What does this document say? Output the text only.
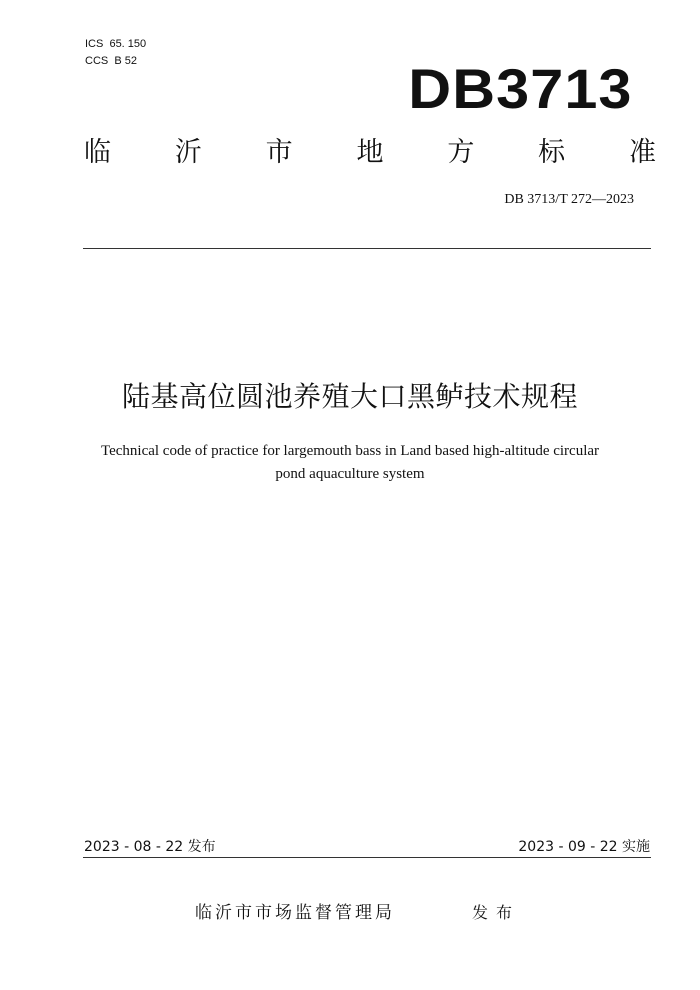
ICS  65. 150
CCS  B 52	DB3713
临 沂 市 地 方 标 准
DB 3713/T 272—2023
陆基高位圆池养殖大口黑鲈技术规程
Technical code of practice for largemouth bass in Land based high-altitude circular
pond aquaculture system
2023 - 08 - 22 发布	2023 - 09 - 22 实施
临沂市市场监督管理局	发布
